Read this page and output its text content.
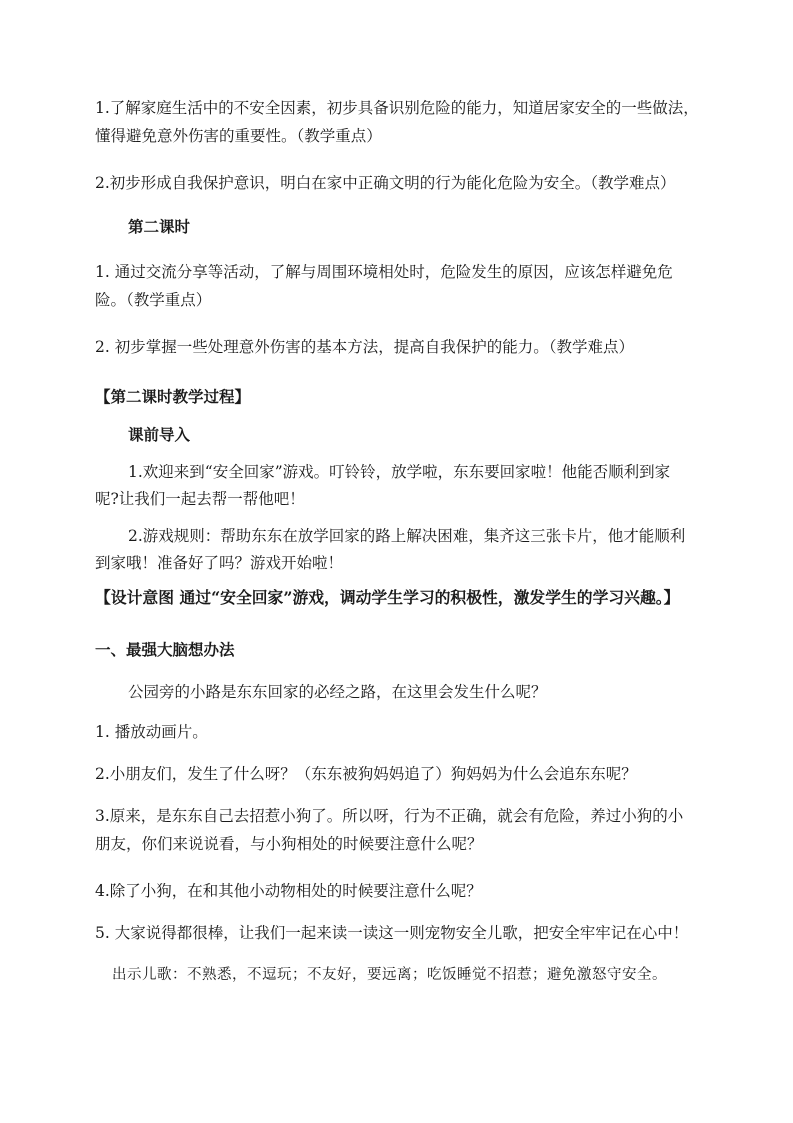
1.了解家庭生活中的不安全因素，初步具备识别危险的能力，知道居家安全的一些做法，
懂得避免意外伤害的重要性。（教学重点）
2.初步形成自我保护意识，明白在家中正确文明的行为能化危险为安全。（教学难点）
第二课时
1. 通过交流分享等活动，了解与周围环境相处时，危险发生的原因，应该怎样避免危
险。（教学重点）
2. 初步掌握一些处理意外伤害的基本方法，提高自我保护的能力。（教学难点）
【第二课时教学过程】
课前导入
1.欢迎来到“安全回家”游戏。叮铃铃，放学啦，东东要回家啦！他能否顺利到家
呢?让我们一起去帮一帮他吧！
2.游戏规则：帮助东东在放学回家的路上解决困难，集齐这三张卡片，他才能顺利
到家哦！准备好了吗？游戏开始啦！
【设计意图 通过“安全回家”游戏，调动学生学习的积极性，激发学生的学习兴趣。】
一、最强大脑想办法
公园旁的小路是东东回家的必经之路，在这里会发生什么呢？
1. 播放动画片。
2.小朋友们，发生了什么呀？（东东被狗妈妈追了）狗妈妈为什么会追东东呢？
3.原来，是东东自己去招惹小狗了。所以呀，行为不正确，就会有危险，养过小狗的小
朋友，你们来说说看，与小狗相处的时候要注意什么呢？
4.除了小狗，在和其他小动物相处的时候要注意什么呢？
5. 大家说得都很棒，让我们一起来读一读这一则宠物安全儿歌，把安全牢牢记在心中！
出示儿歌：不熟悉，不逗玩；不友好，要远离；吃饭睡觉不招惹；避免激怒守安全。
